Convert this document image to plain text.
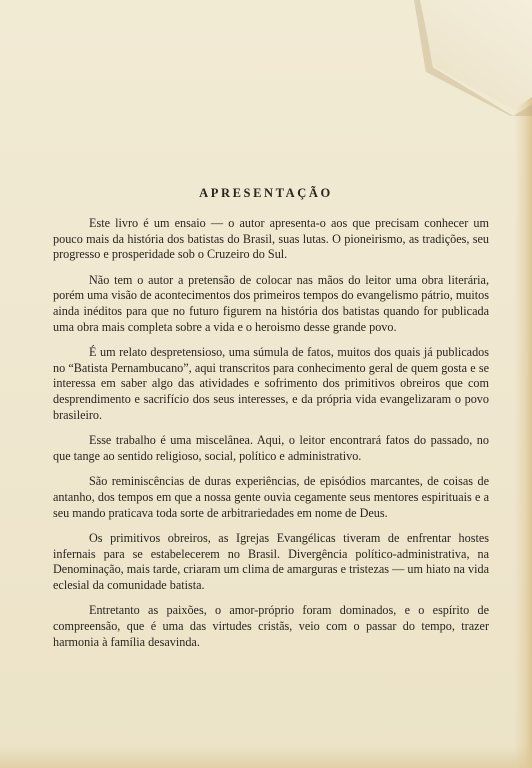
APRESENTAÇÃO

Este livro é um ensaio — o autor apresenta-o aos que precisam conhecer um pouco mais da história dos batistas do Brasil, suas lutas. O pioneirismo, as tradições, seu progresso e prosperidade sob o Cruzeiro do Sul.

Não tem o autor a pretensão de colocar nas mãos do leitor uma obra literária, porém uma visão de acontecimentos dos primeiros tempos do evangelismo pátrio, muitos ainda inéditos para que no futuro figurem na história dos batistas quando for publicada uma obra mais completa sobre a vida e o heroismo desse grande povo.

É um relato despretensioso, uma súmula de fatos, muitos dos quais já publicados no “Batista Pernambucano”, aqui transcritos para conhecimento geral de quem gosta e se interessa em saber algo das atividades e sofrimento dos primitivos obreiros que com desprendimento e sacrifício dos seus interesses, e da própria vida evangelizaram o povo brasileiro.

Esse trabalho é uma miscelânea. Aqui, o leitor encontrará fatos do passado, no que tange ao sentido religioso, social, político e administrativo.

São reminiscências de duras experiências, de episódios marcantes, de coisas de antanho, dos tempos em que a nossa gente ouvia cegamente seus mentores espirituais e a seu mando praticava toda sorte de arbitrariedades em nome de Deus.

Os primitivos obreiros, as Igrejas Evangélicas tiveram de enfrentar hostes infernais para se estabelecerem no Brasil. Divergência político-administrativa, na Denominação, mais tarde, criaram um clima de amarguras e tristezas — um hiato na vida eclesial da comunidade batista.

Entretanto as paixões, o amor-próprio foram dominados, e o espírito de compreensão, que é uma das virtudes cristãs, veio com o passar do tempo, trazer harmonia à família desavinda.
